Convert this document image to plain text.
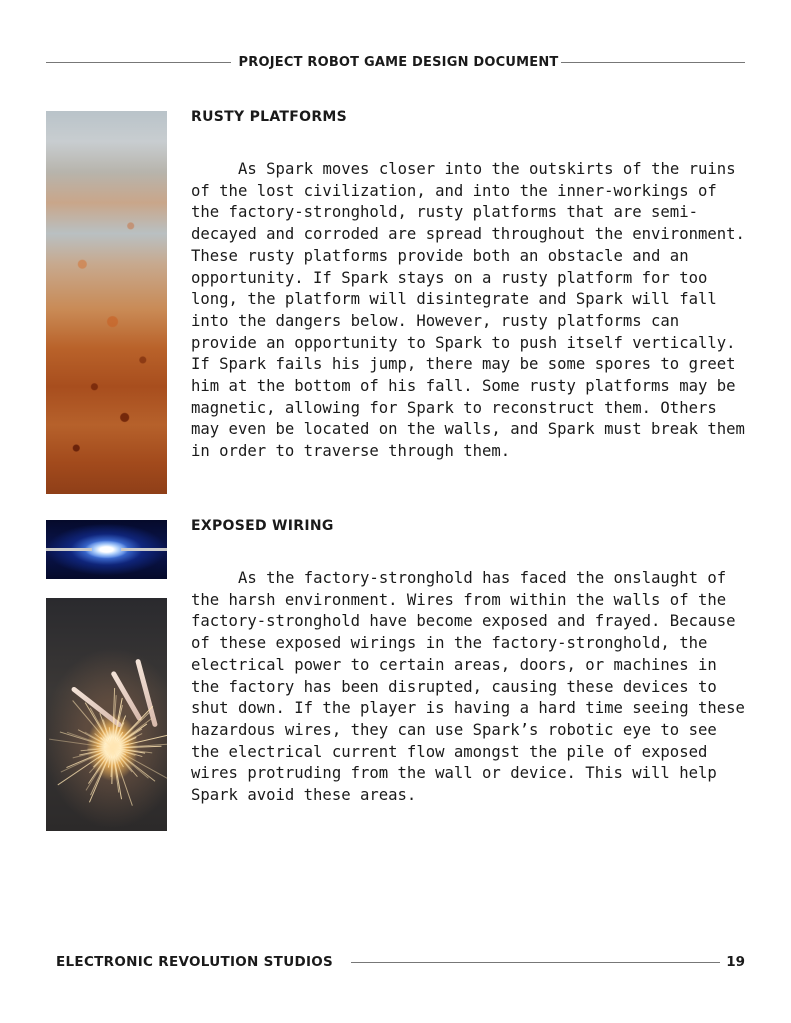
PROJECT ROBOT GAME DESIGN DOCUMENT
RUSTY PLATFORMS

As Spark moves closer into the outskirts of the ruins of the lost civilization, and into the inner-workings of the factory-stronghold, rusty platforms that are semi-decayed and corroded are spread throughout the environment. These rusty platforms provide both an obstacle and an opportunity. If Spark stays on a rusty platform for too long, the platform will disintegrate and Spark will fall into the dangers below. However, rusty platforms can provide an opportunity to Spark to push itself vertically. If Spark fails his jump, there may be some spores to greet him at the bottom of his fall. Some rusty platforms may be magnetic, allowing for Spark to reconstruct them. Others may even be located on the walls, and Spark must break them in order to traverse through them.

EXPOSED WIRING

As the factory-stronghold has faced the onslaught of the harsh environment. Wires from within the walls of the factory-stronghold have become exposed and frayed. Because of these exposed wirings in the factory-stronghold, the electrical power to certain areas, doors, or machines in the factory has been disrupted, causing these devices to shut down. If the player is having a hard time seeing these hazardous wires, they can use Spark’s robotic eye to see the electrical current flow amongst the pile of exposed wires protruding from the wall or device. This will help Spark avoid these areas.

ELECTRONIC REVOLUTION STUDIOS	19
